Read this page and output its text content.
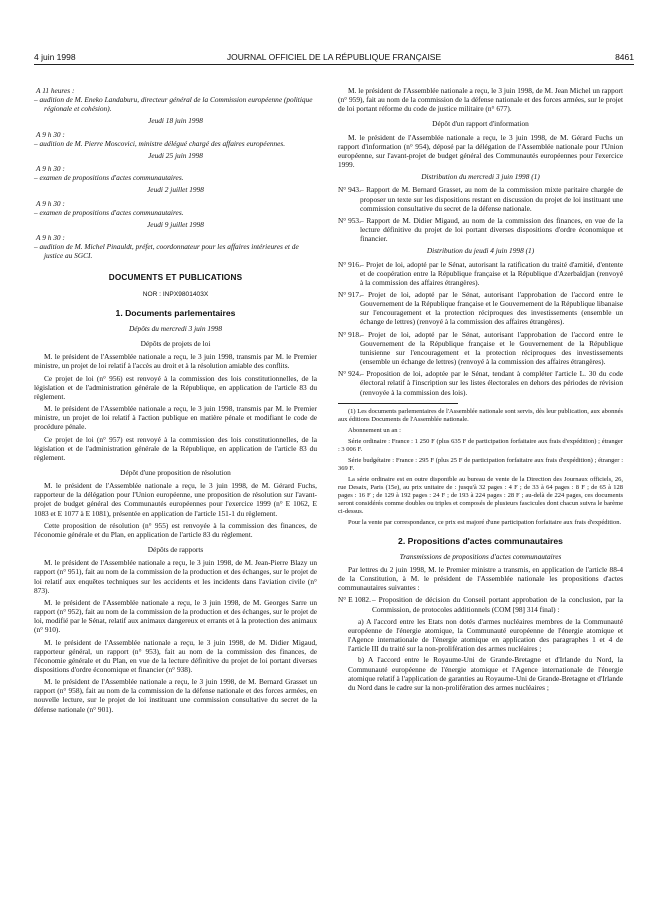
4 juin 1998	JOURNAL OFFICIEL DE LA RÉPUBLIQUE FRANÇAISE	8461
A 11 heures :
– audition de M. Eneko Landaburu, directeur général de la Commission européenne (politique régionale et cohésion).
Jeudi 18 juin 1998
A 9 h 30 :
– audition de M. Pierre Moscovici, ministre délégué chargé des affaires européennes.
Jeudi 25 juin 1998
A 9 h 30 :
– examen de propositions d'actes communautaires.
Jeudi 2 juillet 1998
A 9 h 30 :
– examen de propositions d'actes communautaires.
Jeudi 9 juillet 1998
A 9 h 30 :
– audition de M. Michel Pinauldt, préfet, coordonnateur pour les affaires intérieures et de justice au SGCI.
DOCUMENTS ET PUBLICATIONS
NOR : INPX9801403X
1. Documents parlementaires
Dépôts du mercredi 3 juin 1998
Dépôts de projets de loi

M. le président de l'Assemblée nationale a reçu, le 3 juin 1998, transmis par M. le Premier ministre, un projet de loi relatif à l'accès au droit et à la résolution amiable des conflits.

Ce projet de loi (n° 956) est renvoyé à la commission des lois constitutionnelles, de la législation et de l'administration générale de la République, en application de l'article 83 du règlement.

M. le président de l'Assemblée nationale a reçu, le 3 juin 1998, transmis par M. le Premier ministre, un projet de loi relatif à l'action publique en matière pénale et modifiant le code de procédure pénale.

Ce projet de loi (n° 957) est renvoyé à la commission des lois constitutionnelles, de la législation et de l'administration générale de la République, en application de l'article 83 du règlement.

Dépôt d'une proposition de résolution

M. le président de l'Assemblée nationale a reçu, le 3 juin 1998, de M. Gérard Fuchs, rapporteur de la délégation pour l'Union européenne, une proposition de résolution sur l'avant-projet de budget général des Communautés européennes pour l'exercice 1999 (n° E 1062, E 1083 et E 1077 à E 1081), présentée en application de l'article 151-1 du règlement.

Cette proposition de résolution (n° 955) est renvoyée à la commission des finances, de l'économie générale et du Plan, en application de l'article 83 du règlement.

Dépôts de rapports

M. le président de l'Assemblée nationale a reçu, le 3 juin 1998, de M. Jean-Pierre Blazy un rapport (n° 951), fait au nom de la commission de la production et des échanges, sur le projet de loi relatif aux enquêtes techniques sur les accidents et les incidents dans l'aviation civile (n° 873).

M. le président de l'Assemblée nationale a reçu, le 3 juin 1998, de M. Georges Sarre un rapport (n° 952), fait au nom de la commission de la production et des échanges, sur le projet de loi, modifié par le Sénat, relatif aux animaux dangereux et errants et à la protection des animaux (n° 910).

M. le président de l'Assemblée nationale a reçu, le 3 juin 1998, de M. Didier Migaud, rapporteur général, un rapport (n° 953), fait au nom de la commission des finances, de l'économie générale et du Plan, en vue de la lecture définitive du projet de loi portant diverses dispositions d'ordre économique et financier (n° 938).

M. le président de l'Assemblée nationale a reçu, le 3 juin 1998, de M. Bernard Grasset un rapport (n° 958), fait au nom de la commission de la défense nationale et des forces armées, en nouvelle lecture, sur le projet de loi instituant une commission consultative du secret de la défense nationale (n° 901).

M. le président de l'Assemblée nationale a reçu, le 3 juin 1998, de M. Jean Michel un rapport (n° 959), fait au nom de la commission de la défense nationale et des forces armées, sur le projet de loi portant réforme du code de justice militaire (n° 677).

Dépôt d'un rapport d'information

M. le président de l'Assemblée nationale a reçu, le 3 juin 1998, de M. Gérard Fuchs un rapport d'information (n° 954), déposé par la délégation de l'Assemblée nationale pour l'Union européenne, sur l'avant-projet de budget général des Communautés européennes pour l'exercice 1999.

Distribution du mercredi 3 juin 1998 (1)
N° 943. – Rapport de M. Bernard Grasset, au nom de la commission mixte paritaire chargée de proposer un texte sur les dispositions restant en discussion du projet de loi instituant une commission consultative du secret de la défense nationale.
N° 953. – Rapport de M. Didier Migaud, au nom de la commission des finances, en vue de la lecture définitive du projet de loi portant diverses dispositions d'ordre économique et financier.
Distribution du jeudi 4 juin 1998 (1)
N° 916. – Projet de loi, adopté par le Sénat, autorisant la ratification du traité d'amitié, d'entente et de coopération entre la République française et la République d'Azerbaïdjan (renvoyé à la commission des affaires étrangères).
N° 917. – Projet de loi, adopté par le Sénat, autorisant l'approbation de l'accord entre le Gouvernement de la République française et le Gouvernement de la République libanaise sur l'encouragement et la protection réciproques des investissements (ensemble un échange de lettres) (renvoyé à la commission des affaires étrangères).
N° 918. – Projet de loi, adopté par le Sénat, autorisant l'approbation de l'accord entre le Gouvernement de la République française et le Gouvernement de la République tunisienne sur l'encouragement et la protection réciproques des investissements (ensemble un échange de lettres) (renvoyé à la commission des affaires étrangères).
N° 924. – Proposition de loi, adoptée par le Sénat, tendant à compléter l'article L. 30 du code électoral relatif à l'inscription sur les listes électorales en dehors des périodes de révision (renvoyée à la commission des lois).

(1) Les documents parlementaires de l'Assemblée nationale sont servis, dès leur publication, aux abonnés aux éditions Documents de l'Assemblée nationale.

Abonnement un an :

Série ordinaire : France : 1 250 F (plus 635 F de participation forfaitaire aux frais d'expédition) ; étranger : 3 006 F.

Série budgétaire : France : 295 F (plus 25 F de participation forfaitaire aux frais d'expédition) ; étranger : 369 F.

La série ordinaire est en outre disponible au bureau de vente de la Direction des Journaux officiels, 26, rue Desaix, Paris (15e), au prix unitaire de : jusqu'à 32 pages : 4 F ; de 33 à 64 pages : 8 F ; de 65 à 128 pages : 16 F ; de 129 à 192 pages : 24 F ; de 193 à 224 pages : 28 F ; au-delà de 224 pages, ces documents seront considérés comme doubles ou triples et composés de plusieurs fascicules dont chacun suivra le barème ci-dessus.

Pour la vente par correspondance, ce prix est majoré d'une participation forfaitaire aux frais d'expédition.

2. Propositions d'actes communautaires
Transmissions de propositions d'actes communautaires

Par lettres du 2 juin 1998, M. le Premier ministre a transmis, en application de l'article 88-4 de la Constitution, à M. le président de l'Assemblée nationale les propositions d'actes communautaires suivantes :

N° E 1082. – Proposition de décision du Conseil portant approbation de la conclusion, par la Commission, de protocoles additionnels (COM [98] 314 final) :
a) A l'accord entre les Etats non dotés d'armes nucléaires membres de la Communauté européenne de l'énergie atomique, la Communauté européenne de l'énergie atomique et l'Agence internationale de l'énergie atomique en application des paragraphes 1 et 4 de l'article III du traité sur la non-prolifération des armes nucléaires ;
b) A l'accord entre le Royaume-Uni de Grande-Bretagne et d'Irlande du Nord, la Communauté européenne de l'énergie atomique et l'Agence internationale de l'énergie atomique relatif à l'application de garanties au Royaume-Uni de Grande-Bretagne et d'Irlande du Nord dans le cadre sur la non-prolifération des armes nucléaires ;
